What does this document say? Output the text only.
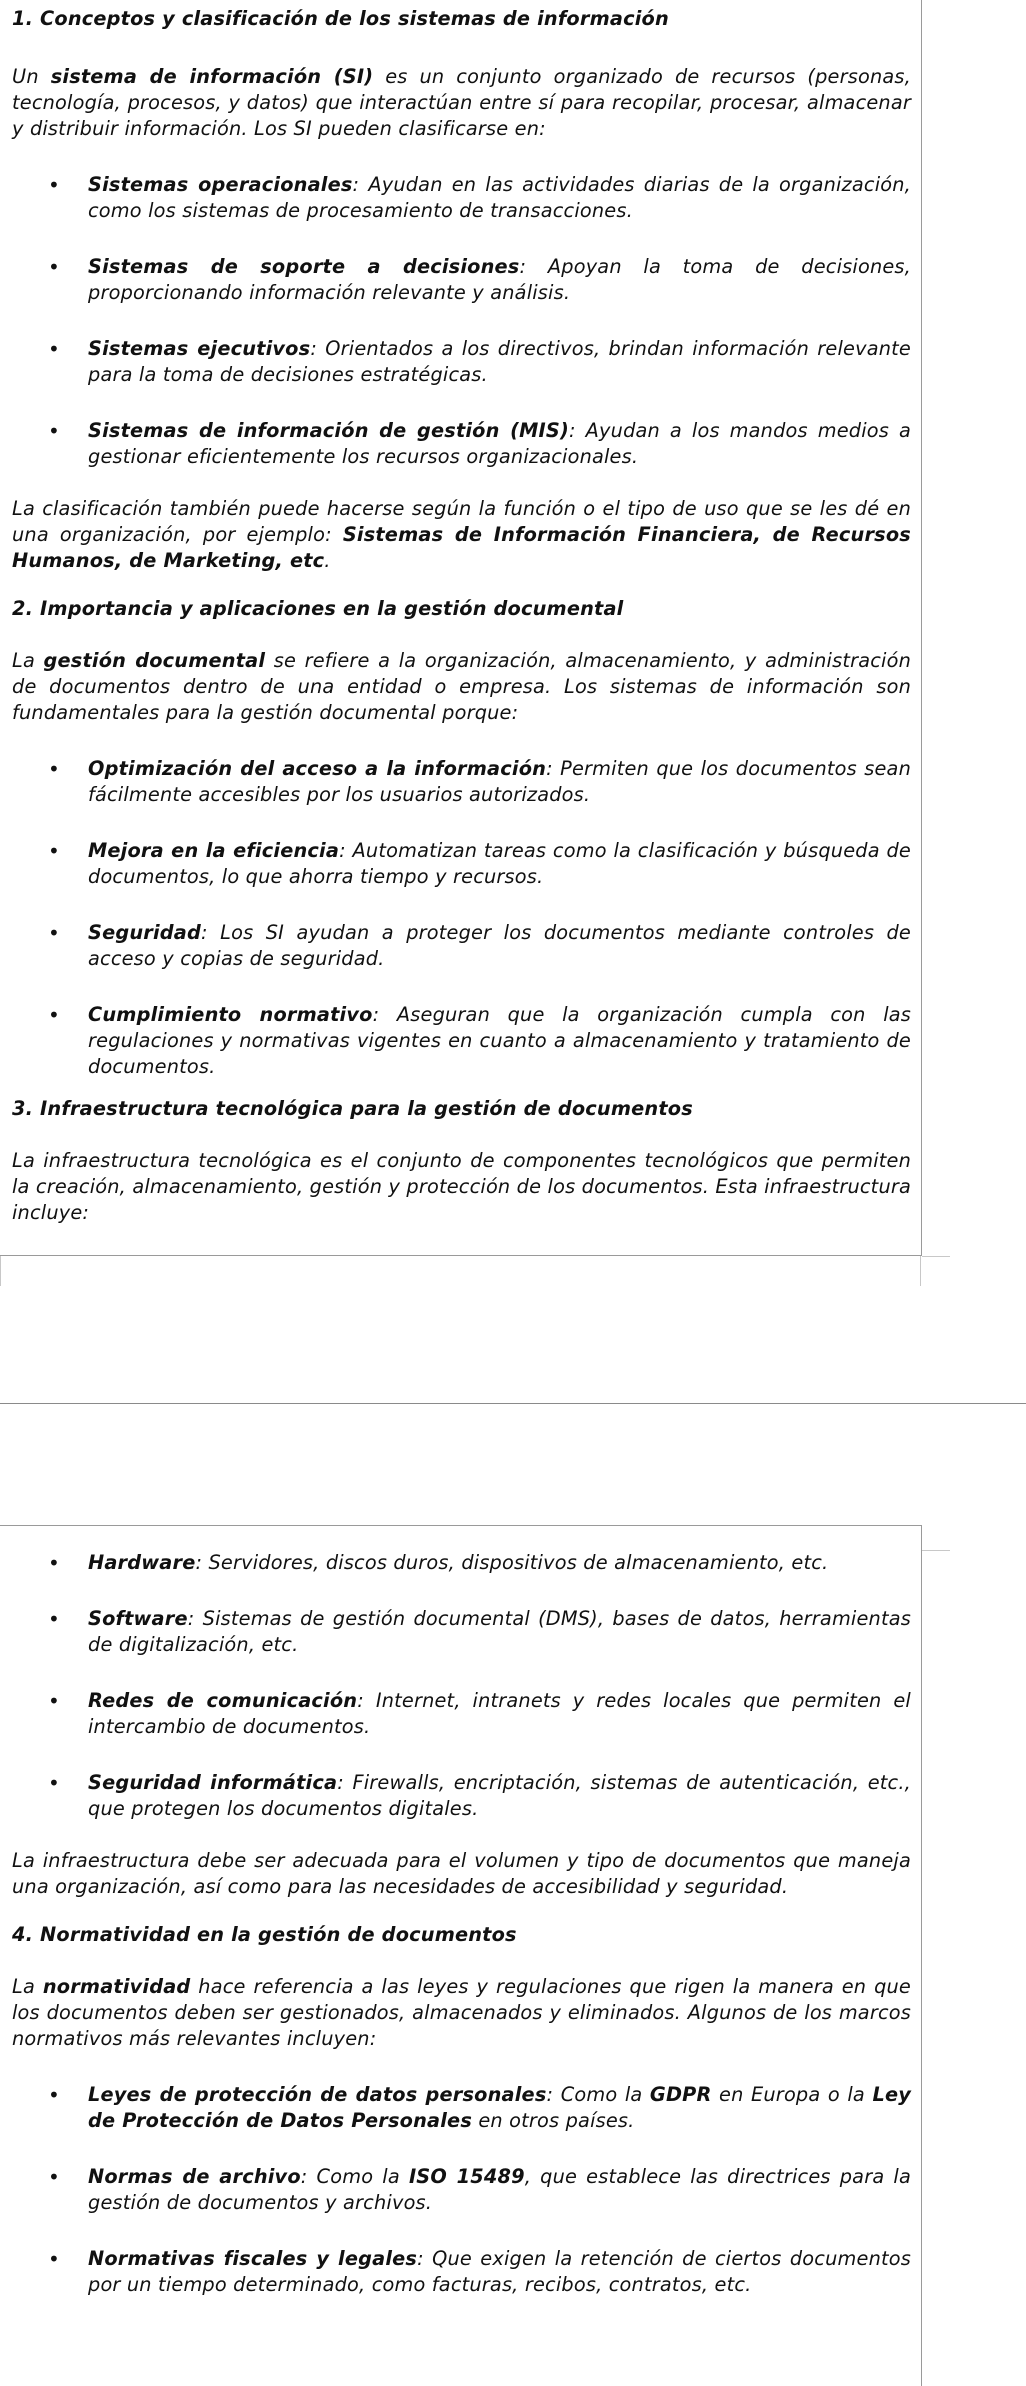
1. Conceptos y clasificación de los sistemas de información

Un sistema de información (SI) es un conjunto organizado de recursos (personas, tecnología, procesos, y datos) que interactúan entre sí para recopilar, procesar, almacenar y distribuir información. Los SI pueden clasificarse en:

• Sistemas operacionales: Ayudan en las actividades diarias de la organización, como los sistemas de procesamiento de transacciones.
• Sistemas de soporte a decisiones: Apoyan la toma de decisiones, proporcionando información relevante y análisis.
• Sistemas ejecutivos: Orientados a los directivos, brindan información relevante para la toma de decisiones estratégicas.
• Sistemas de información de gestión (MIS): Ayudan a los mandos medios a gestionar eficientemente los recursos organizacionales.

La clasificación también puede hacerse según la función o el tipo de uso que se les dé en una organización, por ejemplo: Sistemas de Información Financiera, de Recursos Humanos, de Marketing, etc.

2. Importancia y aplicaciones en la gestión documental

La gestión documental se refiere a la organización, almacenamiento, y administración de documentos dentro de una entidad o empresa. Los sistemas de información son fundamentales para la gestión documental porque:

• Optimización del acceso a la información: Permiten que los documentos sean fácilmente accesibles por los usuarios autorizados.
• Mejora en la eficiencia: Automatizan tareas como la clasificación y búsqueda de documentos, lo que ahorra tiempo y recursos.
• Seguridad: Los SI ayudan a proteger los documentos mediante controles de acceso y copias de seguridad.
• Cumplimiento normativo: Aseguran que la organización cumpla con las regulaciones y normativas vigentes en cuanto a almacenamiento y tratamiento de documentos.
3. Infraestructura tecnológica para la gestión de documentos

La infraestructura tecnológica es el conjunto de componentes tecnológicos que permiten la creación, almacenamiento, gestión y protección de los documentos. Esta infraestructura incluye:

• Hardware: Servidores, discos duros, dispositivos de almacenamiento, etc.
• Software: Sistemas de gestión documental (DMS), bases de datos, herramientas de digitalización, etc.
• Redes de comunicación: Internet, intranets y redes locales que permiten el intercambio de documentos.
• Seguridad informática: Firewalls, encriptación, sistemas de autenticación, etc., que protegen los documentos digitales.

La infraestructura debe ser adecuada para el volumen y tipo de documentos que maneja una organización, así como para las necesidades de accesibilidad y seguridad.

4. Normatividad en la gestión de documentos

La normatividad hace referencia a las leyes y regulaciones que rigen la manera en que los documentos deben ser gestionados, almacenados y eliminados. Algunos de los marcos normativos más relevantes incluyen:

• Leyes de protección de datos personales: Como la GDPR en Europa o la Ley de Protección de Datos Personales en otros países.
• Normas de archivo: Como la ISO 15489, que establece las directrices para la gestión de documentos y archivos.
• Normativas fiscales y legales: Que exigen la retención de ciertos documentos por un tiempo determinado, como facturas, recibos, contratos, etc.
